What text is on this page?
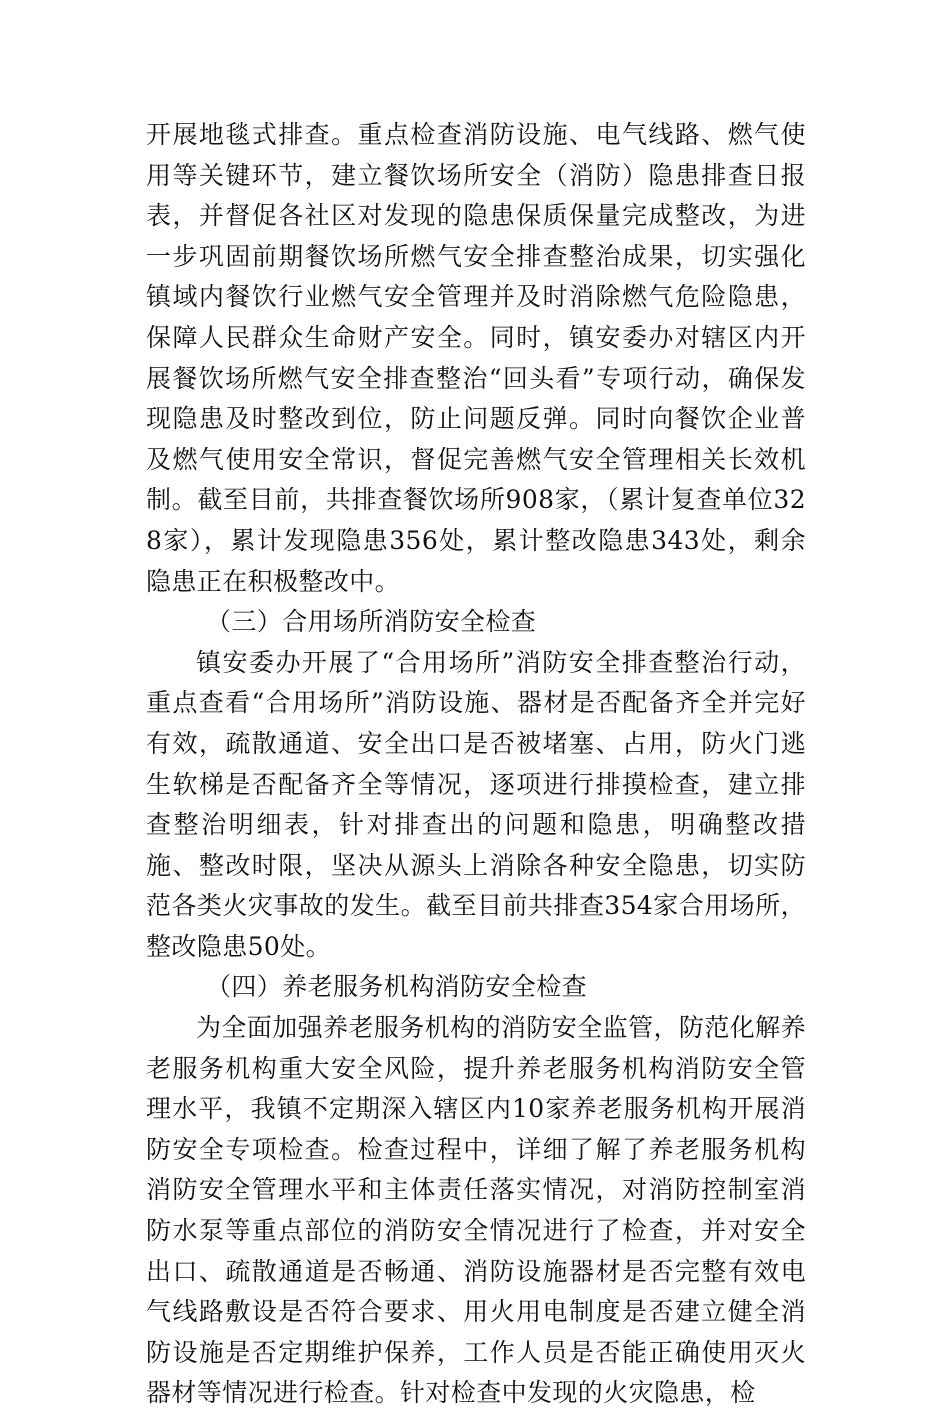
开展地毯式排查。重点检查消防设施、电气线路、燃气使用等关键环节，建立餐饮场所安全（消防）隐患排查日报表，并督促各社区对发现的隐患保质保量完成整改，为进一步巩固前期餐饮场所燃气安全排查整治成果，切实强化镇域内餐饮行业燃气安全管理并及时消除燃气危险隐患，保障人民群众生命财产安全。同时，镇安委办对辖区内开展餐饮场所燃气安全排查整治“回头看”专项行动，确保发现隐患及时整改到位，防止问题反弹。同时向餐饮企业普及燃气使用安全常识，督促完善燃气安全管理相关长效机制。截至目前，共排查餐饮场所908家，（累计复查单位328家），累计发现隐患356处，累计整改隐患343处，剩余隐患正在积极整改中。

（三）合用场所消防安全检查

镇安委办开展了“合用场所”消防安全排查整治行动，重点查看“合用场所”消防设施、器材是否配备齐全并完好有效，疏散通道、安全出口是否被堵塞、占用，防火门逃生软梯是否配备齐全等情况，逐项进行排摸检查，建立排查整治明细表，针对排查出的问题和隐患，明确整改措施、整改时限，坚决从源头上消除各种安全隐患，切实防范各类火灾事故的发生。截至目前共排查354家合用场所，整改隐患50处。

（四）养老服务机构消防安全检查

为全面加强养老服务机构的消防安全监管，防范化解养老服务机构重大安全风险，提升养老服务机构消防安全管理水平，我镇不定期深入辖区内10家养老服务机构开展消防安全专项检查。检查过程中，详细了解了养老服务机构消防安全管理水平和主体责任落实情况，对消防控制室消防水泵等重点部位的消防安全情况进行了检查，并对安全出口、疏散通道是否畅通、消防设施器材是否完整有效电气线路敷设是否符合要求、用火用电制度是否建立健全消防设施是否定期维护保养，工作人员是否能正确使用灭火器材等情况进行检查。针对检查中发现的火灾隐患，检
